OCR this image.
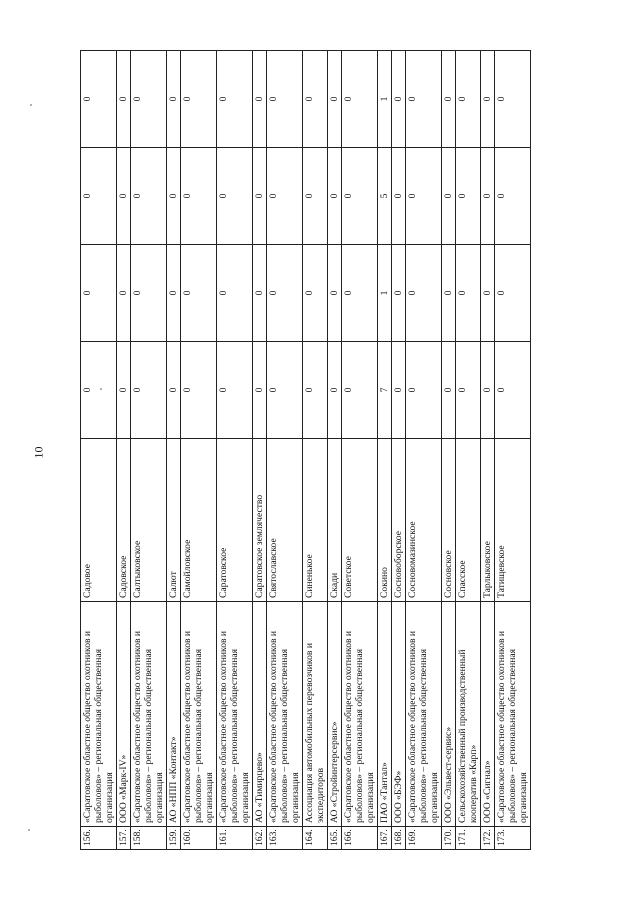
10
156.	«Саратовское областное общество охотников и рыболовов» – региональная общественная организация	Садовое	0	0	0	0
157.	ООО «Марк-IV»	Садовское	0	0	0	0
158.	«Саратовское областное общество охотников и рыболовов» – региональная общественная организация	Салтыковское	0	0	0	0
159.	АО «НПП «Контакт»	Салют	0	0	0	0
160.	«Саратовское областное общество охотников и рыболовов» – региональная общественная организация	Самойловское	0	0	0	0
161.	«Саратовское областное общество охотников и рыболовов» – региональная общественная организация	Саратовское	0	0	0	0
162.	АО «Тимирцево»	Саратовское землячество	0	0	0	0
163.	«Саратовское областное общество охотников и рыболовов» – региональная общественная организация	Святославское	0	0	0	0
164.	Ассоциация автомобильных перевозчиков и экспедиторов	Синенькое	0	0	0	0
165.	АО «Стройинтерсервис»	Скади	0	0	0	0
166.	«Саратовское областное общество охотников и рыболовов» – региональная общественная организация	Советское	0	0	0	0
167.	ПАО «Тантал»	Сокино	7	1	5	1
168.	ООО «БЭФ»	Сосновоборское	0	0	0	0
169.	«Саратовское областное общество охотников и рыболовов» – региональная общественная организация	Сосновомазинское	0	0	0	0
170.	ООО «Эльвест-сервис»	Сосновское	0	0	0	0
171.	Сельскохозяйственный производственный кооператив «Карп»	Спасское	0	0	0	0
172.	ООО «Сигнал»	Тарлыковское	0	0	0	0
173.	«Саратовское областное общество охотников и рыболовов» – региональная общественная организация	Татищевское	0	0	0	0
